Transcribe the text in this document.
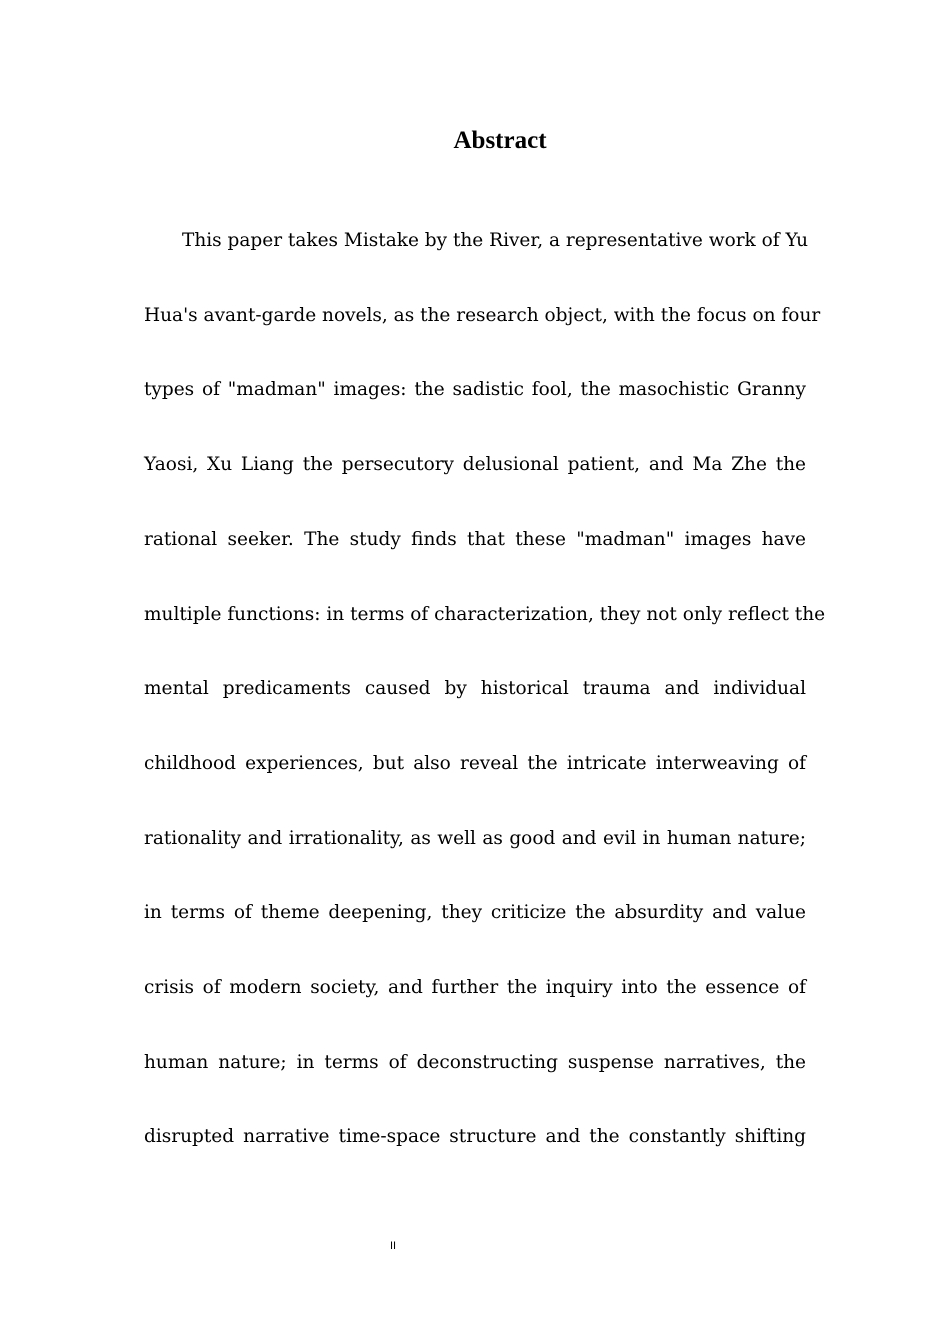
Abstract
This paper takes Mistake by the River, a representative work of Yu
Hua's avant-garde novels, as the research object, with the focus on four
types of "madman" images: the sadistic fool, the masochistic Granny
Yaosi, Xu Liang the persecutory delusional patient, and Ma Zhe the
rational seeker. The study finds that these "madman" images have
multiple functions: in terms of characterization, they not only reflect the
mental predicaments caused by historical trauma and individual
childhood experiences, but also reveal the intricate interweaving of
rationality and irrationality, as well as good and evil in human nature;
in terms of theme deepening, they criticize the absurdity and value
crisis of modern society, and further the inquiry into the essence of
human nature; in terms of deconstructing suspense narratives, the
disrupted narrative time-space structure and the constantly shifting
II
